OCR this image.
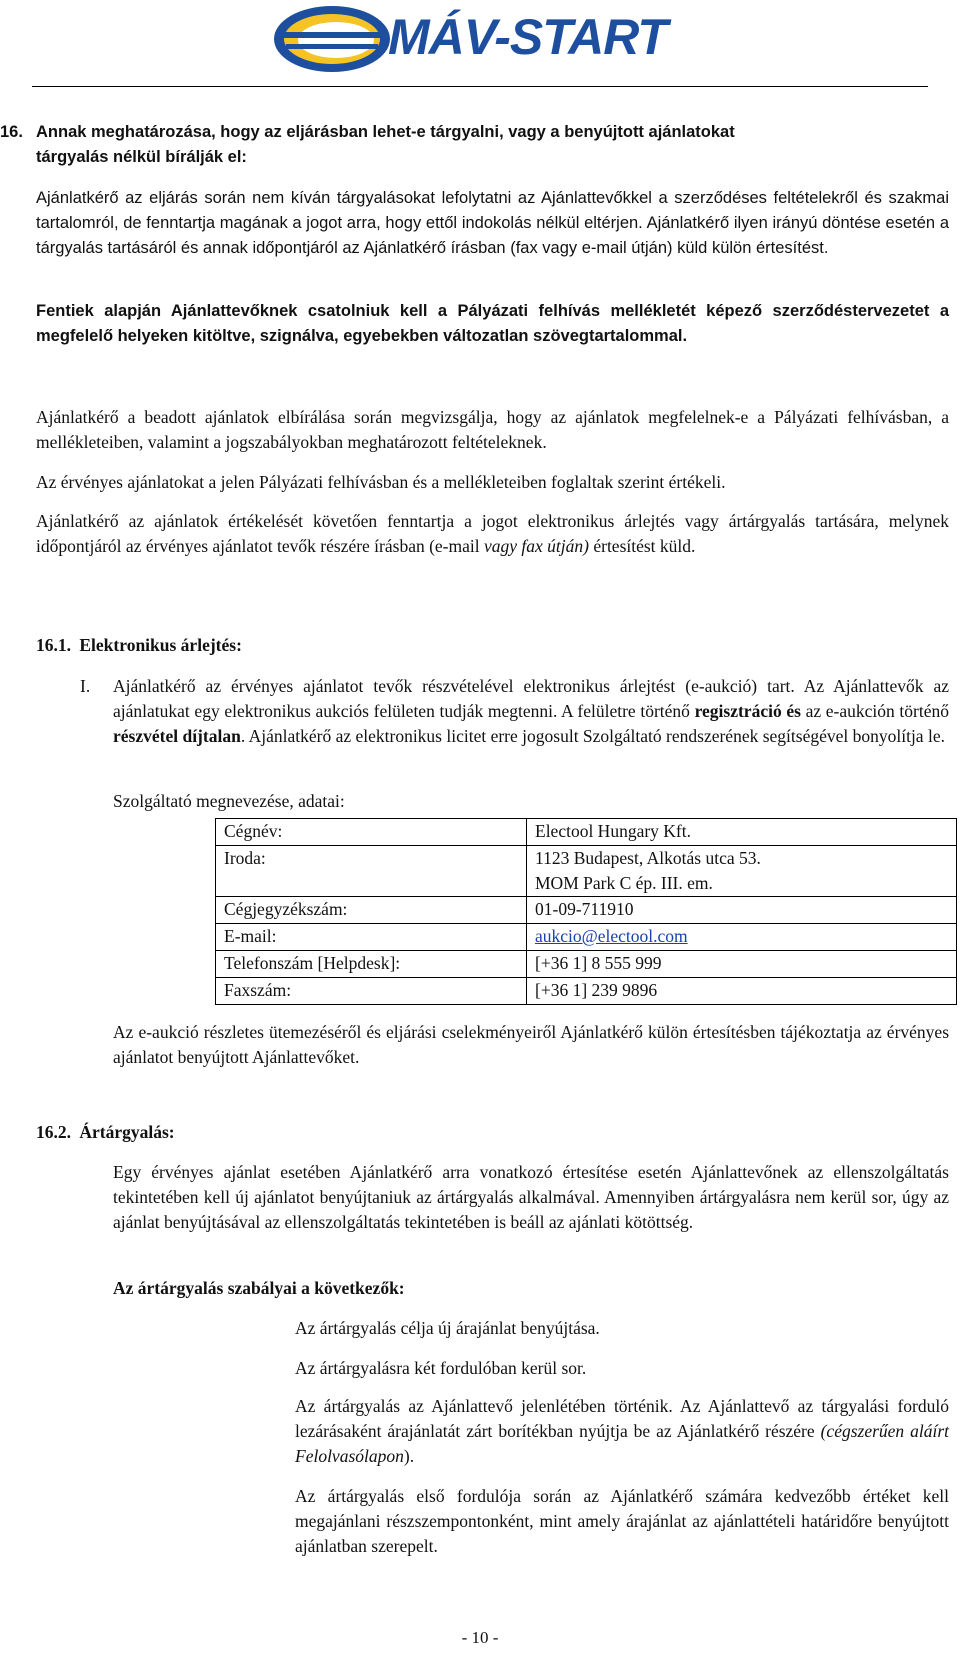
MÁV-START
16. Annak meghatározása, hogy az eljárásban lehet-e tárgyalni, vagy a benyújtott ajánlatokat
tárgyalás nélkül bírálják el:
Ajánlatkérő az eljárás során nem kíván tárgyalásokat lefolytatni az Ajánlattevőkkel a szerződéses feltételekről és szakmai tartalomról, de fenntartja magának a jogot arra, hogy ettől indokolás nélkül eltérjen. Ajánlatkérő ilyen irányú döntése esetén a tárgyalás tartásáról és annak időpontjáról az Ajánlatkérő írásban (fax vagy e-mail útján) küld külön értesítést.
Fentiek alapján Ajánlattevőknek csatolniuk kell a Pályázati felhívás mellékletét képező szerződéstervezetet a megfelelő helyeken kitöltve, szignálva, egyebekben változatlan szövegtartalommal.
Ajánlatkérő a beadott ajánlatok elbírálása során megvizsgálja, hogy az ajánlatok megfelelnek-e a Pályázati felhívásban, a mellékleteiben, valamint a jogszabályokban meghatározott feltételeknek.
Az érvényes ajánlatokat a jelen Pályázati felhívásban és a mellékleteiben foglaltak szerint értékeli.
Ajánlatkérő az ajánlatok értékelését követően fenntartja a jogot elektronikus árlejtés vagy ártárgyalás tartására, melynek időpontjáról az érvényes ajánlatot tevők részére írásban (e-mail vagy fax útján) értesítést küld.
16.1. Elektronikus árlejtés:
I. Ajánlatkérő az érvényes ajánlatot tevők részvételével elektronikus árlejtést (e-aukció) tart. Az Ajánlattevők az ajánlatukat egy elektronikus aukciós felületen tudják megtenni. A felületre történő regisztráció és az e-aukción történő részvétel díjtalan. Ajánlatkérő az elektronikus licitet erre jogosult Szolgáltató rendszerének segítségével bonyolítja le.
Szolgáltató megnevezése, adatai:
Cégnév:	Electool Hungary Kft.
Iroda:	1123 Budapest, Alkotás utca 53.
MOM Park C ép. III. em.

Cégjegyzékszám:	01-09-711910
E-mail:	aukcio@electool.com
Telefonszám [Helpdesk]:	[+36 1] 8 555 999
Faxszám:	[+36 1] 239 9896
Az e-aukció részletes ütemezéséről és eljárási cselekményeiről Ajánlatkérő külön értesítésben tájékoztatja az érvényes ajánlatot benyújtott Ajánlattevőket.
16.2. Ártárgyalás:
Egy érvényes ajánlat esetében Ajánlatkérő arra vonatkozó értesítése esetén Ajánlattevőnek az ellenszolgáltatás tekintetében kell új ajánlatot benyújtaniuk az ártárgyalás alkalmával. Amennyiben ártárgyalásra nem kerül sor, úgy az ajánlat benyújtásával az ellenszolgáltatás tekintetében is beáll az ajánlati kötöttség.
Az ártárgyalás szabályai a következők:
Az ártárgyalás célja új árajánlat benyújtása.
Az ártárgyalásra két fordulóban kerül sor.
Az ártárgyalás az Ajánlattevő jelenlétében történik. Az Ajánlattevő az tárgyalási forduló lezárásaként árajánlatát zárt borítékban nyújtja be az Ajánlatkérő részére (cégszerűen aláírt Felolvasólapon).
Az ártárgyalás első fordulója során az Ajánlatkérő számára kedvezőbb értéket kell megajánlani részszempontonként, mint amely árajánlat az ajánlattételi határidőre benyújtott ajánlatban szerepelt.
- 10 -
